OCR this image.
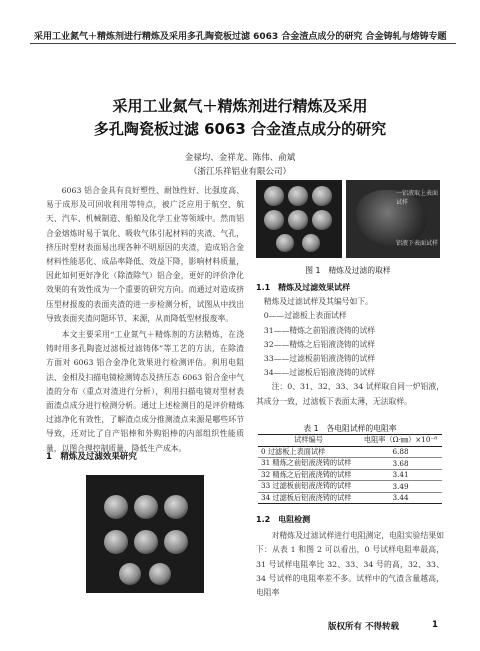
采用工业氮气＋精炼剂进行精炼及采用多孔陶瓷板过滤 6063 合金渣点成分的研究 合金铸轧与熔铸专题
采用工业氮气＋精炼剂进行精炼及采用
多孔陶瓷板过滤 6063 合金渣点成分的研究
金禄均、金祥龙、陈伟、俞斌
（浙江乐祥铝业有限公司）

6063 铝合金具有良好塑性、耐蚀性好、比强度高、易于成形及可回收利用等特点，被广泛应用于航空、航天、汽车、机械制造、船舶及化学工业等领域中。然而铝合金熔炼时易于氧化、吸收气体引起材料的夹渣、气孔，挤压时型材表面易出现各种不明原因的夹渣，造成铝合金材料性能恶化、成品率降低、效益下降，影响材料质量，因此如何更好净化（除渣除气）铝合金，更好的评价净化效果的有效性成为一个重要的研究方向。而通过对造成挤压型材报废的表面夹渣的进一步检测分析，试图从中找出导致表面夹渣问题环节、来源，从而降低型材报废率。

本文主要采用“工业氮气＋精炼剂的方法精炼，在浇铸时用多孔陶瓷过滤板过滤铸体”等工艺的方法，在除渣方面对 6063 铝合金净化效果进行检测评估。利用电阻法、金相及扫描电镜检测铸态及挤压态 6063 铝合金中气渣的分布（重点对渣进行分析），利用扫描电镜对型材表面渣点成分进行检测分析。通过上述检测目的是评价精炼过滤净化有效性，了解渣点成分推测渣点来源是哪些环节导致，还对比了自产铝棒和外购铝棒的内部组织性能质量，以图合理控制质量，降低生产成本。

1　精炼及过滤效果研究
一铝液取上表面试样
铝液下表面试样
图 1　精炼及过滤的取样
1.1　精炼及过滤效果试样
精炼及过滤试样及其编号如下。
0——过滤板上表面试样
31——精炼之前铝液浇铸的试样
32——精炼之后铝液浇铸的试样
33——过滤板前铝液浇铸的试样
34——过滤板后铝液浇铸的试样

注：0、31、32、33、34 试样取自同一炉铝液，其成分一致，过滤板下表面太薄，无法取样。

表 1　各电阻试样的电阻率
试样编号	电阻率（Ω·㎜）×10⁻⁸
0 过滤板上表面试样	6.88
31 精炼之前铝液浇铸的试样	3.68
32 精炼之后铝液浇铸的试样	3.41
33 过滤板前铝液浇铸的试样	3.49
34 过滤板后铝液浇铸的试样	3.44
1.2　电阻检测

对精炼及过滤试样进行电阻测定，电阻实验结果如下：从表 1 和图 2 可以看出，0 号试样电阻率最高，31 号试样电阻率比 32、33、34 号的高，32、33、34 号试样的电阻率差不多。试样中的气渣含量越高，电阻率

版权所有 不得转载	1
